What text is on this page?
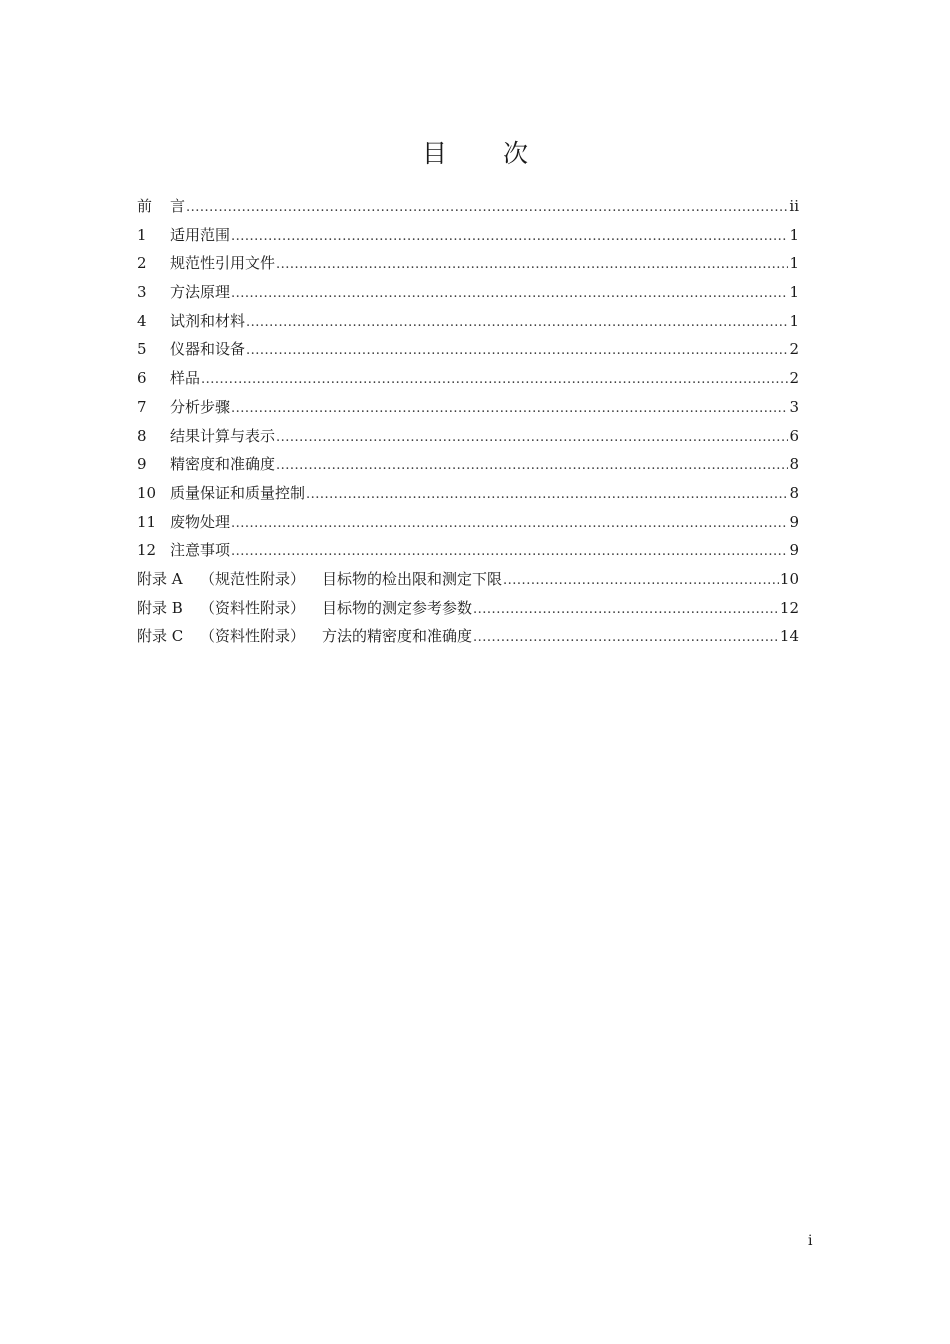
目 次
前	言 .....	ii
1	适用范围 .....	1
2	规范性引用文件 .....	1
3	方法原理 .....	1
4	试剂和材料 .....	1
5	仪器和设备 .....	2
6	样品 .....	2
7	分析步骤 .....	3
8	结果计算与表示 .....	6
9	精密度和准确度 .....	8
10 质量保证和质量控制 .....	8
11 废物处理 .....	9
12 注意事项 .....	9
附录 A	（规范性附录） 目标物的检出限和测定下限 .....	10
附录 B	（资料性附录） 目标物的测定参考参数 .....	12
附录 C	（资料性附录） 方法的精密度和准确度 .....	14
i
